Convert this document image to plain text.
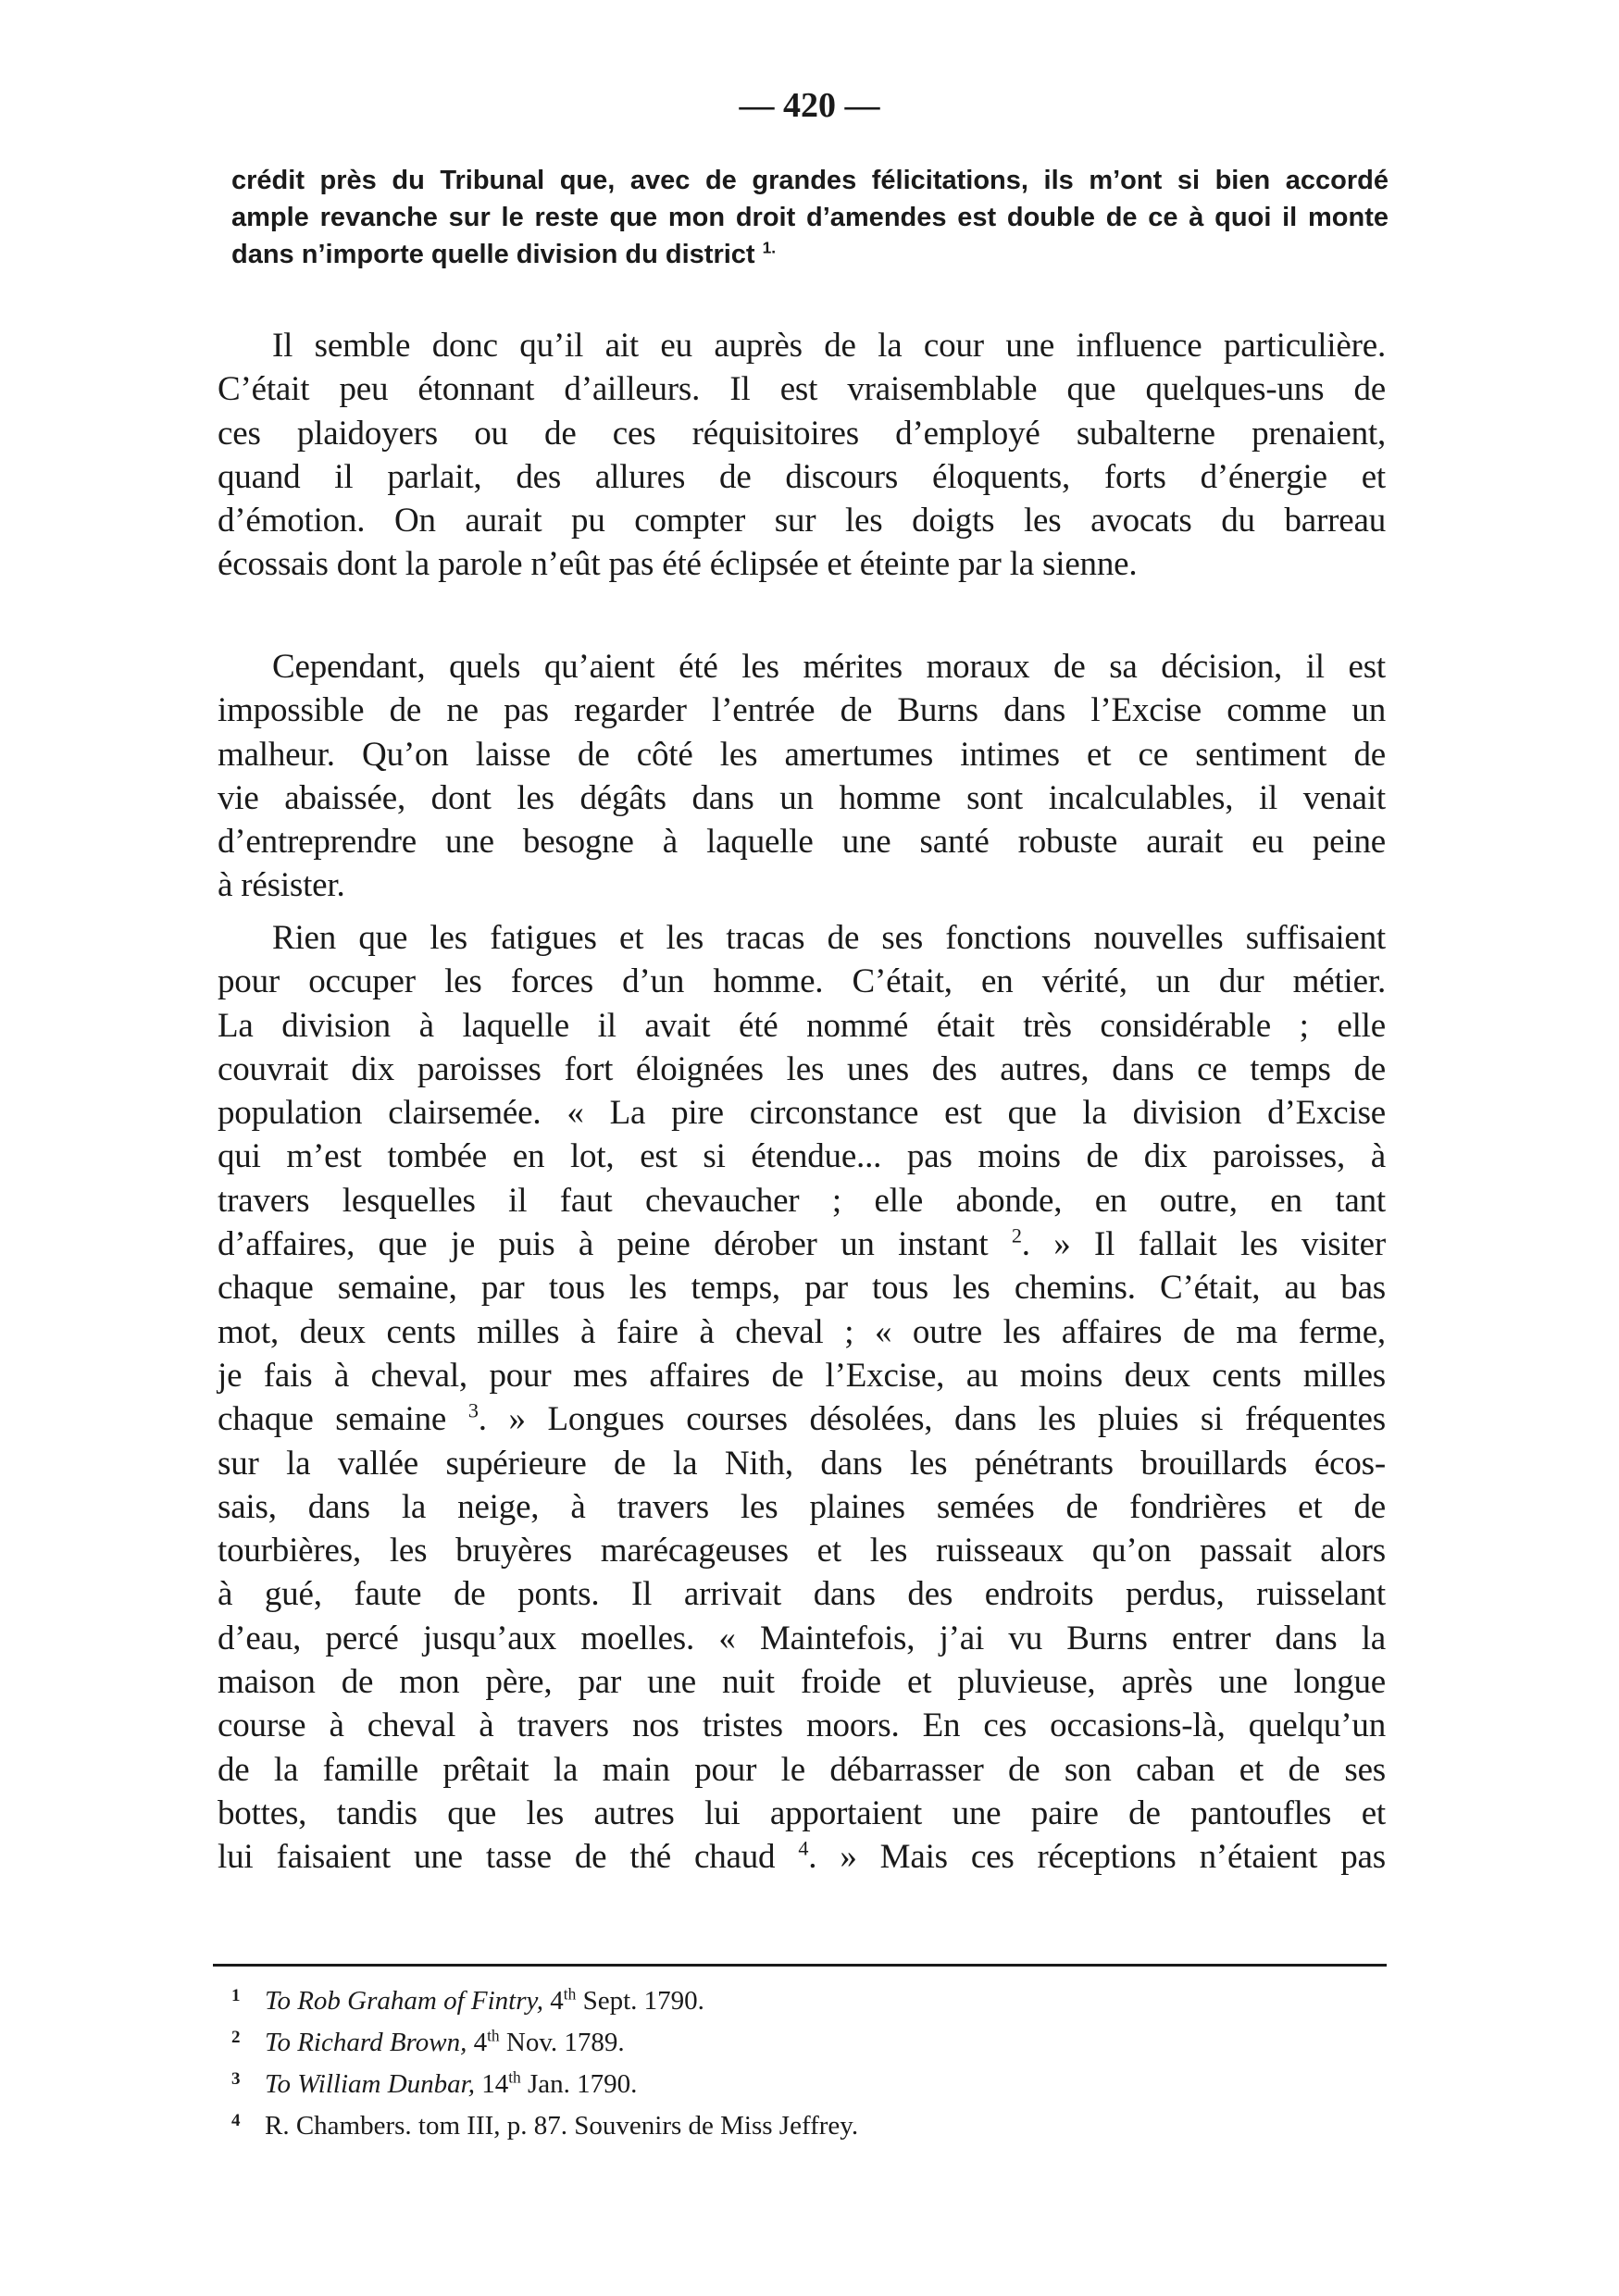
— 420 —
crédit près du Tribunal que, avec de grandes félicitations, ils m’ont si bien accordé
ample revanche sur le reste que mon droit d’amendes est double de ce à quoi il monte
dans n’importe quelle division du district $^{1.}$
Il semble donc qu’il ait eu auprès de la cour une influence particulière.
C’était peu étonnant d’ailleurs. Il est vraisemblable que quelques-uns de
ces plaidoyers ou de ces réquisitoires d’employé subalterne prenaient,
quand il parlait, des allures de discours éloquents, forts d’énergie et
d’émotion. On aurait pu compter sur les doigts les avocats du barreau
écossais dont la parole n’eût pas été éclipsée et éteinte par la sienne.
Cependant, quels qu’aient été les mérites moraux de sa décision, il est
impossible de ne pas regarder l’entrée de Burns dans l’Excise comme un
malheur. Qu’on laisse de côté les amertumes intimes et ce sentiment de
vie abaissée, dont les dégâts dans un homme sont incalculables, il venait
d’entreprendre une besogne à laquelle une santé robuste aurait eu peine
à résister.
Rien que les fatigues et les tracas de ses fonctions nouvelles suffisaient
pour occuper les forces d’un homme. C’était, en vérité, un dur métier.
La division à laquelle il avait été nommé était très considérable ; elle
couvrait dix paroisses fort éloignées les unes des autres, dans ce temps de
population clairsemée. « La pire circonstance est que la division d’Excise
qui m’est tombée en lot, est si étendue... pas moins de dix paroisses, à
travers lesquelles il faut chevaucher ; elle abonde, en outre, en tant
d’affaires, que je puis à peine dérober un instant $^2$. » Il fallait les visiter
chaque semaine, par tous les temps, par tous les chemins. C’était, au bas
mot, deux cents milles à faire à cheval ; « outre les affaires de ma ferme,
je fais à cheval, pour mes affaires de l’Excise, au moins deux cents milles
chaque semaine $^3$. » Longues courses désolées, dans les pluies si fréquentes
sur la vallée supérieure de la Nith, dans les pénétrants brouillards écos-
sais, dans la neige, à travers les plaines semées de fondrières et de
tourbières, les bruyères marécageuses et les ruisseaux qu’on passait alors
à gué, faute de ponts. Il arrivait dans des endroits perdus, ruisselant
d’eau, percé jusqu’aux moelles. « Maintefois, j’ai vu Burns entrer dans la
maison de mon père, par une nuit froide et pluvieuse, après une longue
course à cheval à travers nos tristes moors. En ces occasions-là, quelqu’un
de la famille prêtait la main pour le débarrasser de son caban et de ses
bottes, tandis que les autres lui apportaient une paire de pantoufles et
lui faisaient une tasse de thé chaud $^4$. » Mais ces réceptions n’étaient pas
1 To Rob Graham of Fintry, 4th Sept. 1790.
2 To Richard Brown, 4th Nov. 1789.
3 To William Dunbar, 14th Jan. 1790.
4 R. Chambers. tom III, p. 87. Souvenirs de Miss Jeffrey.
